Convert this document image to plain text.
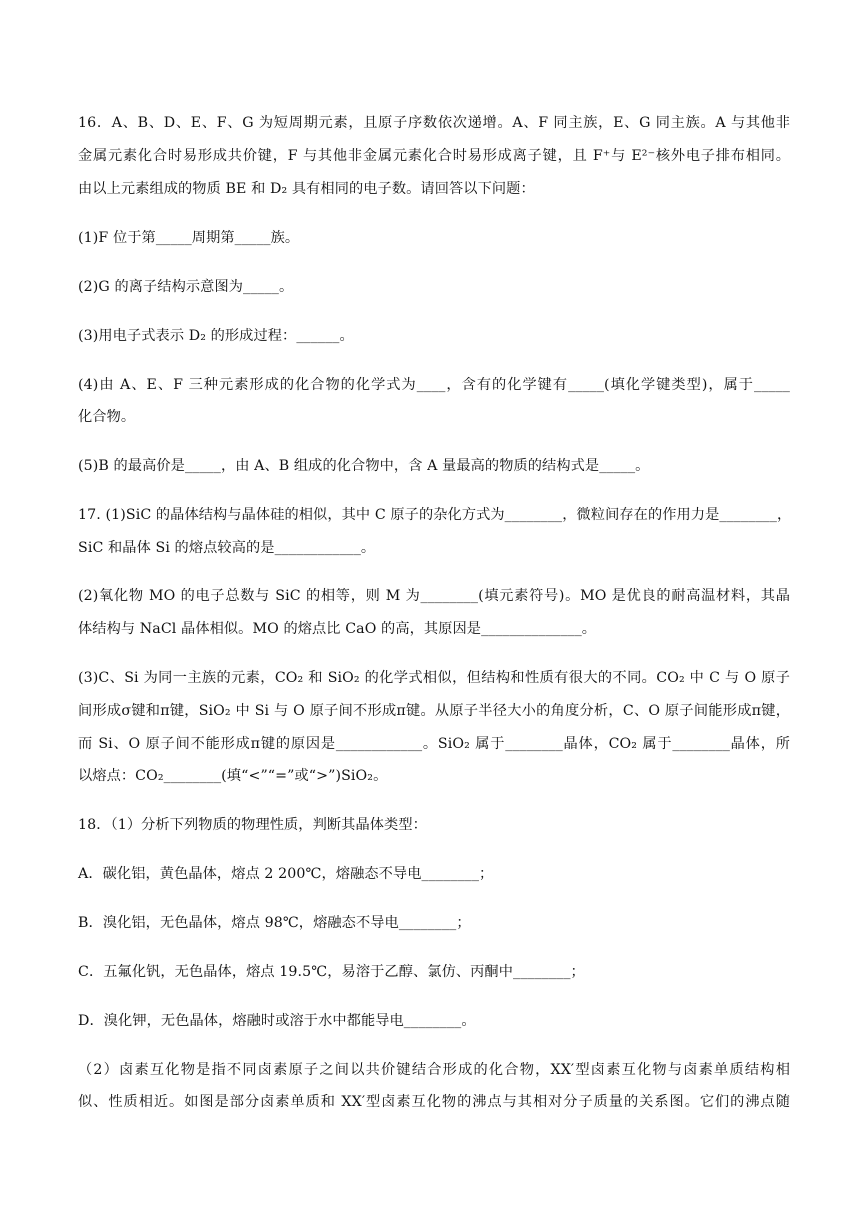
16．A、B、D、E、F、G 为短周期元素，且原子序数依次递增。A、F 同主族，E、G 同主族。A 与其他非
金属元素化合时易形成共价键，F 与其他非金属元素化合时易形成离子键，且 F⁺与 E²⁻核外电子排布相同。
由以上元素组成的物质 BE 和 D₂ 具有相同的电子数。请回答以下问题：
(1)F 位于第_____周期第_____族。
(2)G 的离子结构示意图为_____。
(3)用电子式表示 D₂ 的形成过程：______。
(4)由 A、E、F 三种元素形成的化合物的化学式为____，含有的化学键有_____(填化学键类型)，属于_____
化合物。
(5)B 的最高价是_____，由 A、B 组成的化合物中，含 A 量最高的物质的结构式是_____。
17. (1)SiC 的晶体结构与晶体硅的相似，其中 C 原子的杂化方式为________，微粒间存在的作用力是________，
SiC 和晶体 Si 的熔点较高的是____________。
(2)氧化物 MO 的电子总数与 SiC 的相等，则 M 为________(填元素符号)。MO 是优良的耐高温材料，其晶
体结构与 NaCl 晶体相似。MO 的熔点比 CaO 的高，其原因是______________。
(3)C、Si 为同一主族的元素，CO₂ 和 SiO₂ 的化学式相似，但结构和性质有很大的不同。CO₂ 中 C 与 O 原子
间形成σ键和π键，SiO₂ 中 Si 与 O 原子间不形成π键。从原子半径大小的角度分析，C、O 原子间能形成π键，
而 Si、O 原子间不能形成π键的原因是____________。SiO₂ 属于________晶体，CO₂ 属于________晶体，所
以熔点：CO₂________(填“<”“=”或“>”)SiO₂。
18．（1）分析下列物质的物理性质，判断其晶体类型：
A．碳化铝，黄色晶体，熔点 2 200℃，熔融态不导电________；
B．溴化铝，无色晶体，熔点 98℃，熔融态不导电________；
C．五氟化钒，无色晶体，熔点 19.5℃，易溶于乙醇、氯仿、丙酮中________；
D．溴化钾，无色晶体，熔融时或溶于水中都能导电________。
（2）卤素互化物是指不同卤素原子之间以共价键结合形成的化合物，XX′型卤素互化物与卤素单质结构相
似、性质相近。如图是部分卤素单质和 XX′型卤素互化物的沸点与其相对分子质量的关系图。它们的沸点随
